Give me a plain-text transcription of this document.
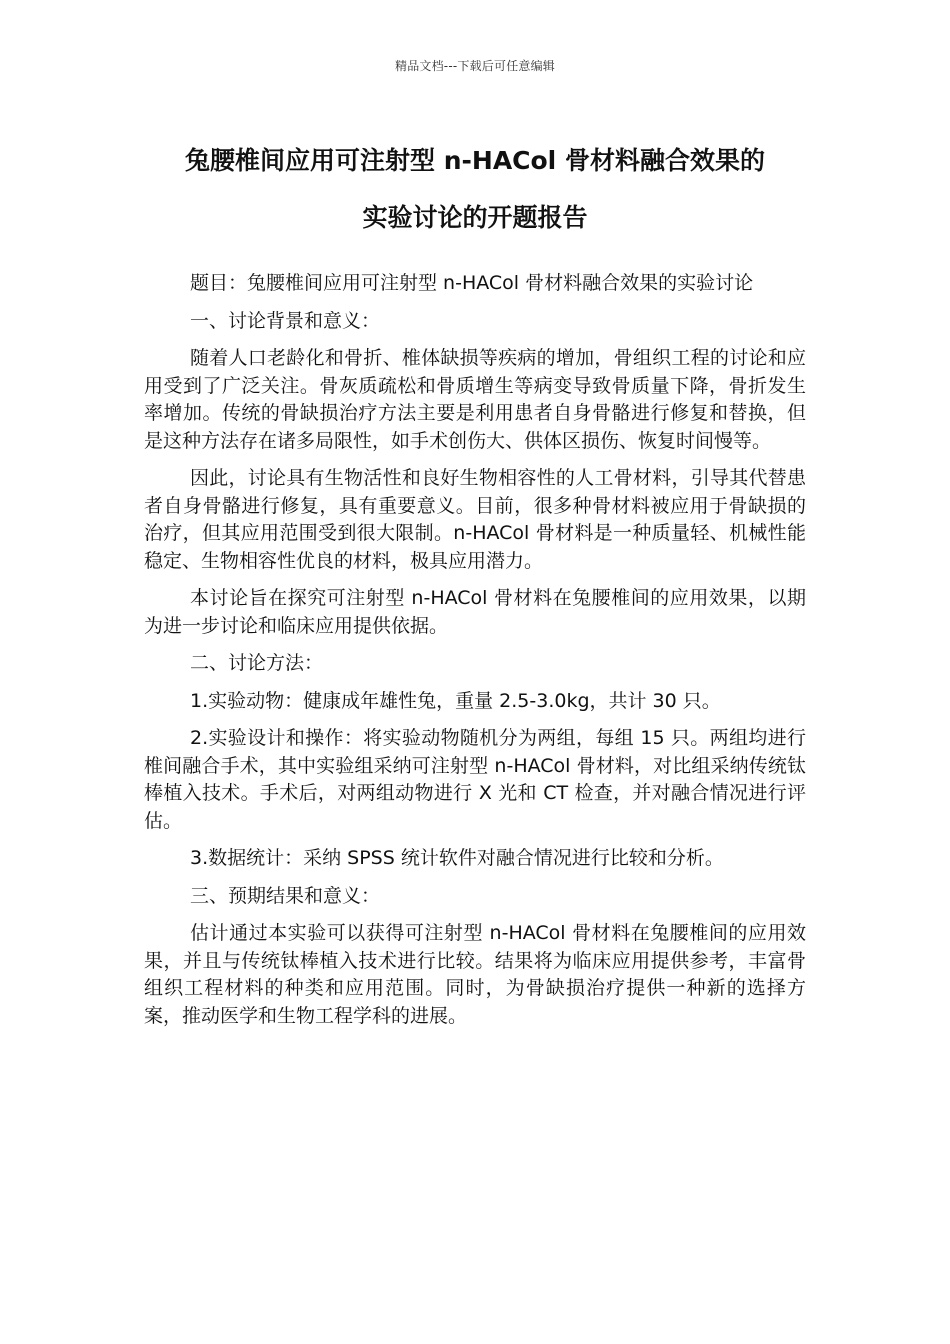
精品文档---下载后可任意编辑
兔腰椎间应用可注射型 n-HACol 骨材料融合效果的
实验讨论的开题报告

题目：兔腰椎间应用可注射型 n-HACol 骨材料融合效果的实验讨论

一、讨论背景和意义：

随着人口老龄化和骨折、椎体缺损等疾病的增加，骨组织工程的讨论和应用受到了广泛关注。骨灰质疏松和骨质增生等病变导致骨质量下降，骨折发生率增加。传统的骨缺损治疗方法主要是利用患者自身骨骼进行修复和替换，但是这种方法存在诸多局限性，如手术创伤大、供体区损伤、恢复时间慢等。

因此，讨论具有生物活性和良好生物相容性的人工骨材料，引导其代替患者自身骨骼进行修复，具有重要意义。目前，很多种骨材料被应用于骨缺损的治疗，但其应用范围受到很大限制。n-HACol 骨材料是一种质量轻、机械性能稳定、生物相容性优良的材料，极具应用潜力。

本讨论旨在探究可注射型 n-HACol 骨材料在兔腰椎间的应用效果，以期为进一步讨论和临床应用提供依据。

二、讨论方法：

1.实验动物：健康成年雄性兔，重量 2.5-3.0kg，共计 30 只。

2.实验设计和操作：将实验动物随机分为两组，每组 15 只。两组均进行椎间融合手术，其中实验组采纳可注射型 n-HACol 骨材料，对比组采纳传统钛棒植入技术。手术后，对两组动物进行 X 光和 CT 检查，并对融合情况进行评估。

3.数据统计：采纳 SPSS 统计软件对融合情况进行比较和分析。

三、预期结果和意义：

估计通过本实验可以获得可注射型 n-HACol 骨材料在兔腰椎间的应用效果，并且与传统钛棒植入技术进行比较。结果将为临床应用提供参考，丰富骨组织工程材料的种类和应用范围。同时，为骨缺损治疗提供一种新的选择方案，推动医学和生物工程学科的进展。
